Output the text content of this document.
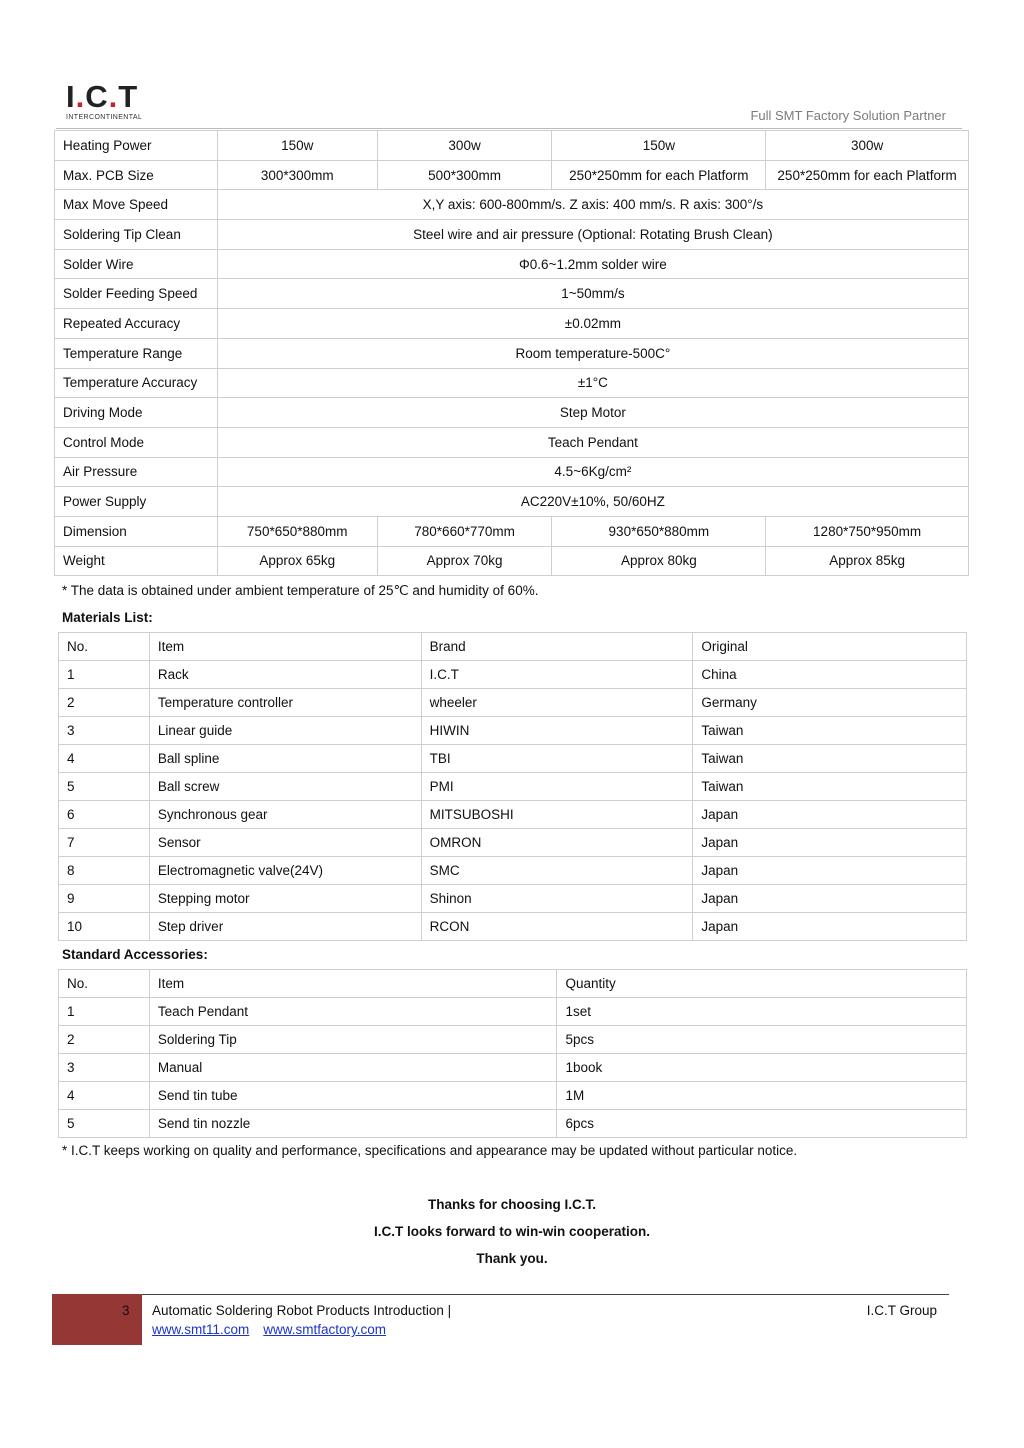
I.C.T
INTERCONTINENTAL	Full SMT Factory Solution Partner
Heating Power	150w	300w	150w	300w
Max. PCB Size	300*300mm	500*300mm	250*250mm for each Platform	250*250mm for each Platform
Max Move Speed	X,Y axis: 600-800mm/s. Z axis: 400 mm/s. R axis: 300°/s			
Soldering Tip Clean	Steel wire and air pressure (Optional: Rotating Brush Clean)			
Solder Wire	Φ0.6~1.2mm solder wire			
Solder Feeding Speed	1~50mm/s			
Repeated Accuracy	±0.02mm			
Temperature Range	Room temperature-500C°			
Temperature Accuracy	±1°C			
Driving Mode	Step Motor			
Control Mode	Teach Pendant			
Air Pressure	4.5~6Kg/cm²			
Power Supply	AC220V±10%, 50/60HZ			
Dimension	750*650*880mm	780*660*770mm	930*650*880mm	1280*750*950mm
Weight	Approx 65kg	Approx 70kg	Approx 80kg	Approx 85kg
* The data is obtained under ambient temperature of 25℃ and humidity of 60%.
Materials List:
No.	Item	Brand	Original
1	Rack	I.C.T	China
2	Temperature controller	wheeler	Germany
3	Linear guide	HIWIN	Taiwan
4	Ball spline	TBI	Taiwan
5	Ball screw	PMI	Taiwan
6	Synchronous gear	MITSUBOSHI	Japan
7	Sensor	OMRON	Japan
8	Electromagnetic valve(24V)	SMC	Japan
9	Stepping motor	Shinon	Japan
10	Step driver	RCON	Japan
Standard Accessories:
No.	Item	Quantity
1	Teach Pendant	1set
2	Soldering Tip	5pcs
3	Manual	1book
4	Send tin tube	1M
5	Send tin nozzle	6pcs
* I.C.T keeps working on quality and performance, specifications and appearance may be updated without particular notice.
Thanks for choosing I.C.T.
I.C.T looks forward to win-win cooperation.
Thank you.
3 Automatic Soldering Robot Products Introduction |	I.C.T Group
www.smt11.com www.smtfactory.com
